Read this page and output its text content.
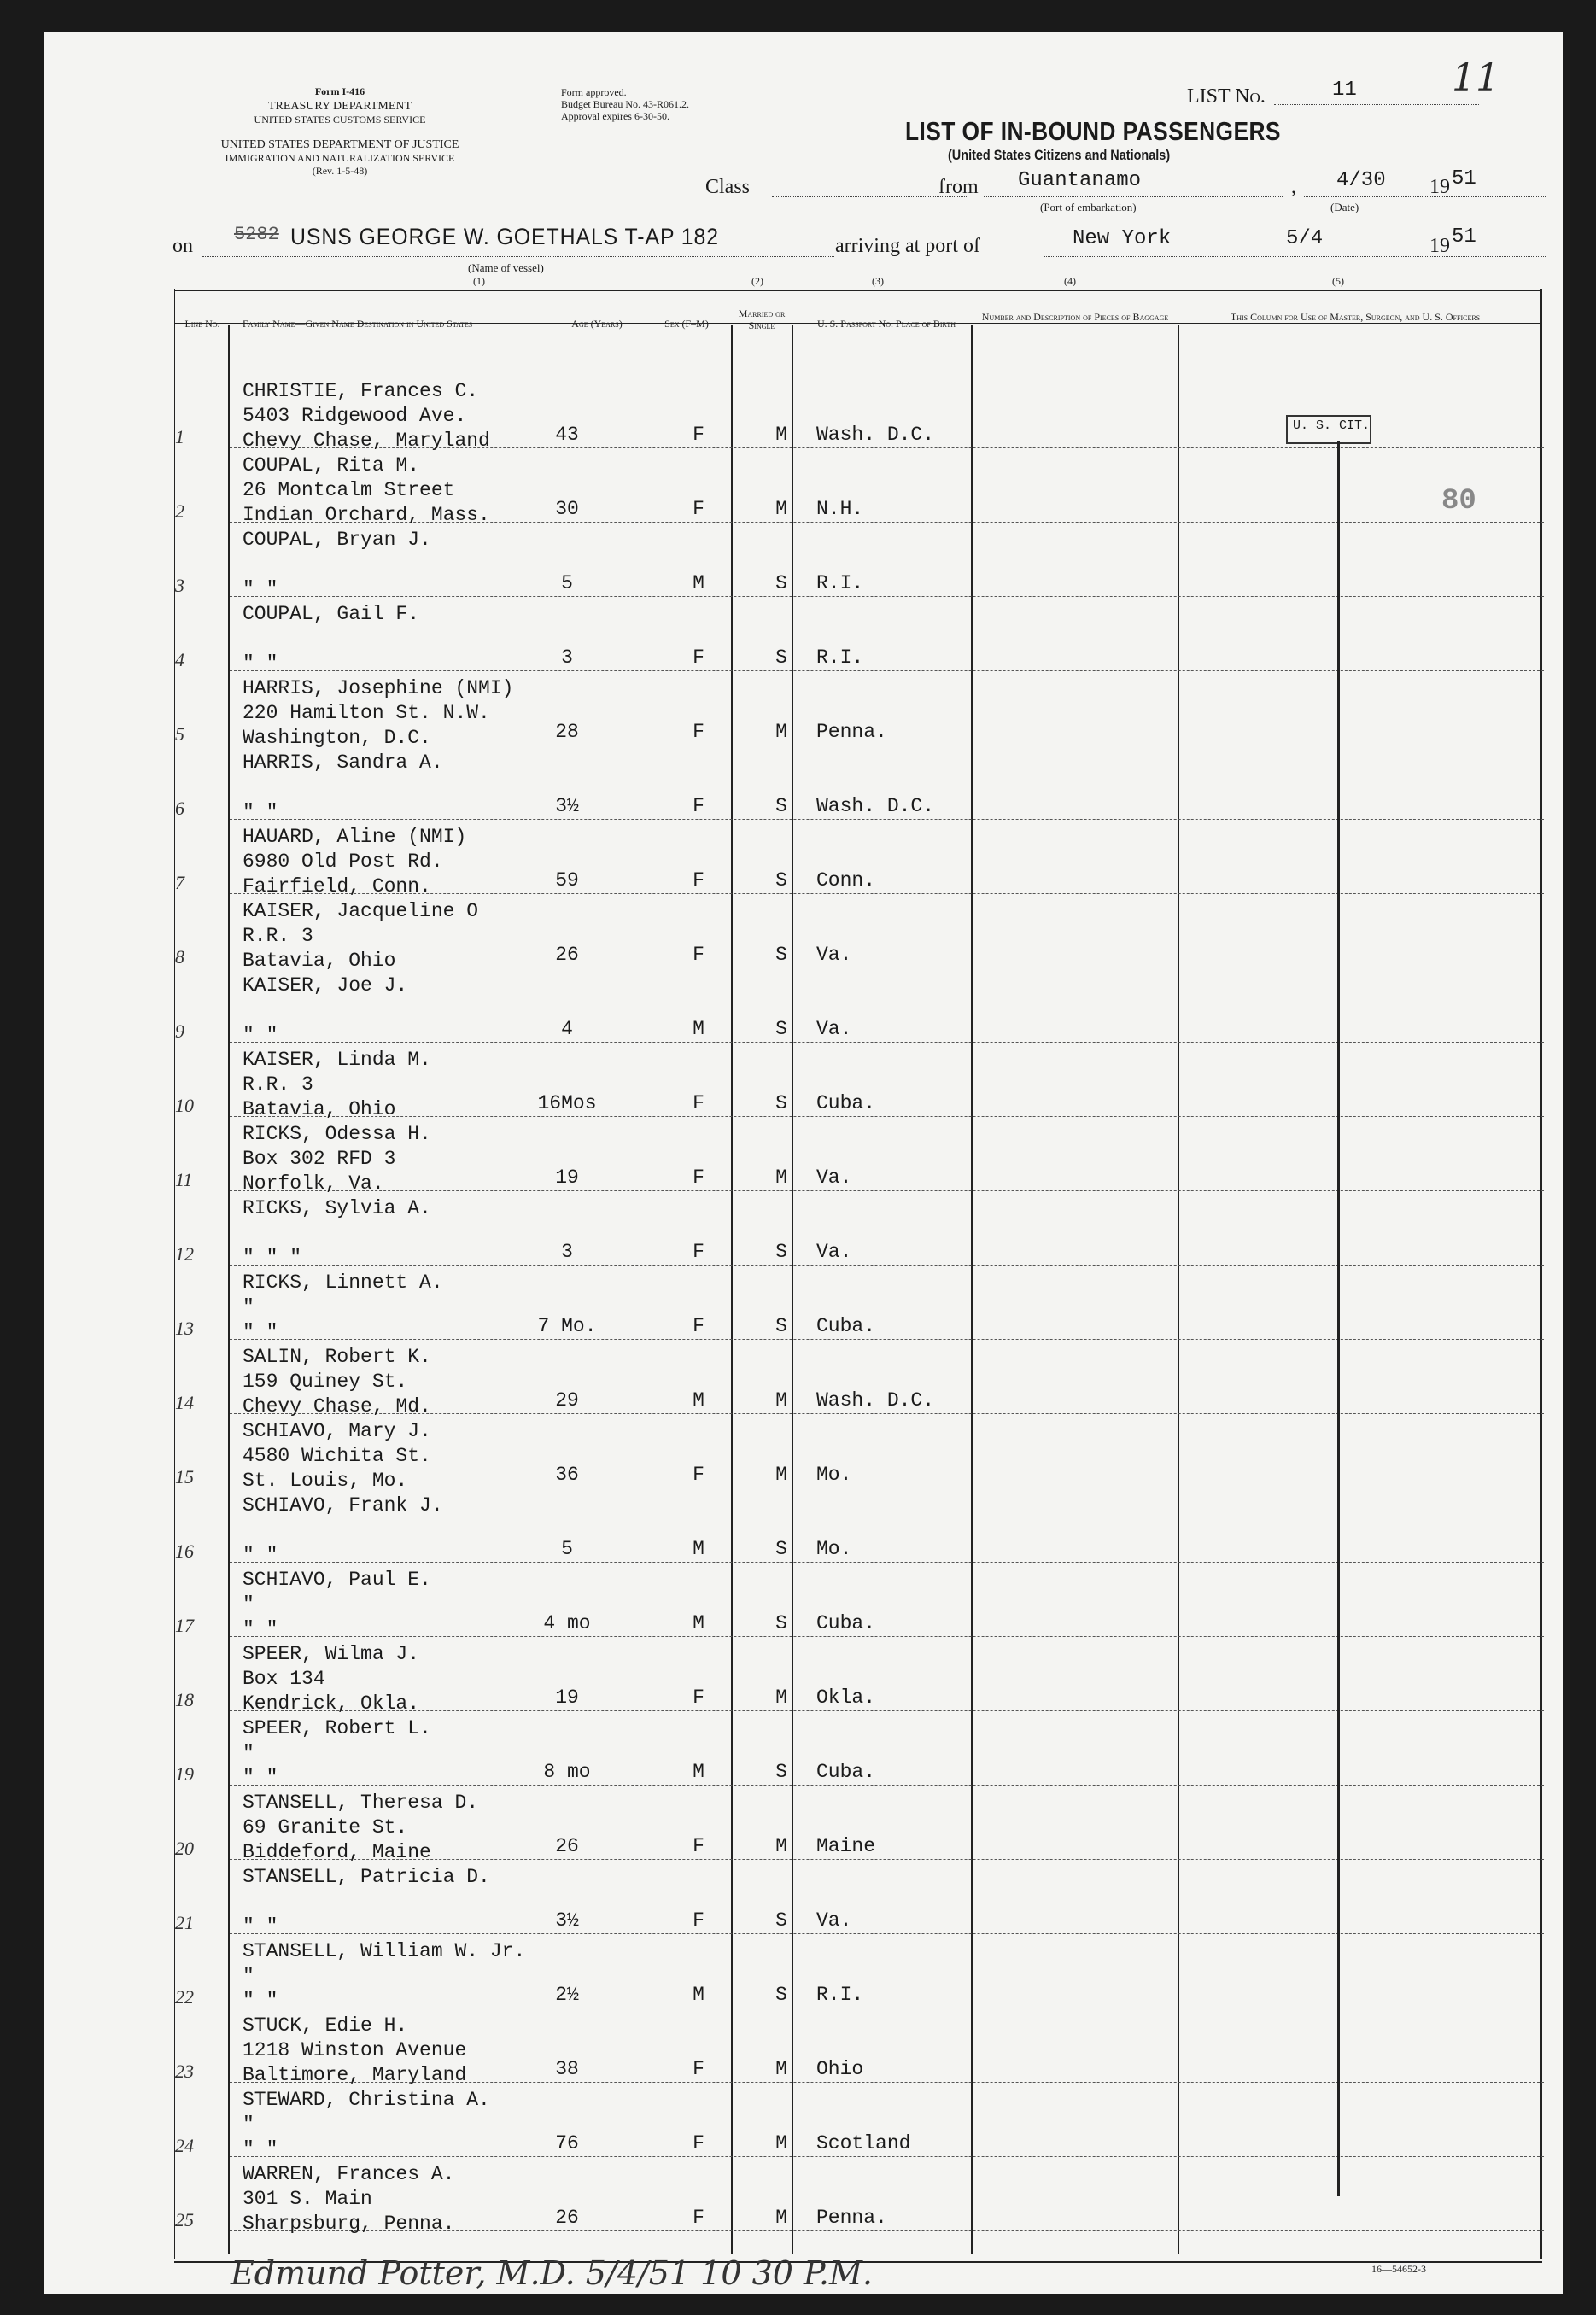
Form I-416
TREASURY DEPARTMENT
UNITED STATES CUSTOMS SERVICE
UNITED STATES DEPARTMENT OF JUSTICE
IMMIGRATION AND NATURALIZATION SERVICE
(Rev. 1-5-48)
Form approved.
Budget Bureau No. 43-R061.2.
Approval expires 6-30-50.
LIST No.	11	11
LIST OF IN-BOUND PASSENGERS
(United States Citizens and Nationals)
Class	from Guantanamo
(Port of embarkation)
, 4/30
(Date)
19 51
on
5282 USNS GEORGE W. GOETHALS T-AP 182
(Name of vessel)
arriving at port of	New York	5/4	19 51
(1)	(2)	(3)	(4)	(5)
Line No.	Family Name—Given Name Destination in United States	Age (Years)	Sex (F–M)
Married or Single	U. S. Passport No. Place of Birth
Number and Description of Pieces of Baggage	This Column for Use of Master, Surgeon, and U. S. Officers
1
CHRISTIE, Frances C.
5403 Ridgewood Ave.
Chevy Chase, Maryland	43	F	M	Wash. D.C.
2
COUPAL, Rita M.
26 Montcalm Street
Indian Orchard, Mass.	30	F	M	N.H.
3
COUPAL, Bryan J.
" "	5	M	S	R.I.
4
COUPAL, Gail F.
" "	3	F	S	R.I.
5
HARRIS, Josephine (NMI)
220 Hamilton St. N.W.
Washington, D.C.	28	F	M	Penna.
6
HARRIS, Sandra A.
" "	3½	F	S	Wash. D.C.
7
HAUARD, Aline (NMI)
6980 Old Post Rd.
Fairfield, Conn.	59	F	S	Conn.
8
KAISER, Jacqueline O
R.R. 3
Batavia, Ohio	26	F	S	Va.
9
KAISER, Joe J.
" "	4	M	S	Va.
10
KAISER, Linda M.
R.R. 3
Batavia, Ohio	16Mos	F	S	Cuba.
11
RICKS, Odessa H.
Box 302 RFD 3
Norfolk, Va.	19	F	M	Va.
12
RICKS, Sylvia A.
" " "	3	F	S	Va.
13
RICKS, Linnett A.
"
" "	7 Mo.	F	S	Cuba.
14
SALIN, Robert K.
159 Quiney St.
Chevy Chase, Md.	29	M	M	Wash. D.C.
15
SCHIAVO, Mary J.
4580 Wichita St.
St. Louis, Mo.	36	F	M	Mo.
16
SCHIAVO, Frank J.
" "	5	M	S	Mo.
17
SCHIAVO, Paul E.
"
" "	4 mo	M	S	Cuba.
18
SPEER, Wilma J.
Box 134
Kendrick, Okla.	19	F	M	Okla.
19
SPEER, Robert L.
"
" "	8 mo	M	S	Cuba.
20
STANSELL, Theresa D.
69 Granite St.
Biddeford, Maine	26	F	M	Maine
21
STANSELL, Patricia D.
" "	3½	F	S	Va.
22
STANSELL, William W. Jr.
"
" "	2½	M	S	R.I.
23
STUCK, Edie H.
1218 Winston Avenue
Baltimore, Maryland	38	F	M	Ohio
24
STEWARD, Christina A.
"
" "	76	F	M	Scotland
25
WARREN, Frances A.
301 S. Main
Sharpsburg, Penna.	26	F	M	Penna.
U. S. CIT.
80
16—54652-3
Edmund Potter, M.D. 5/4/51 10 30 P.M.
